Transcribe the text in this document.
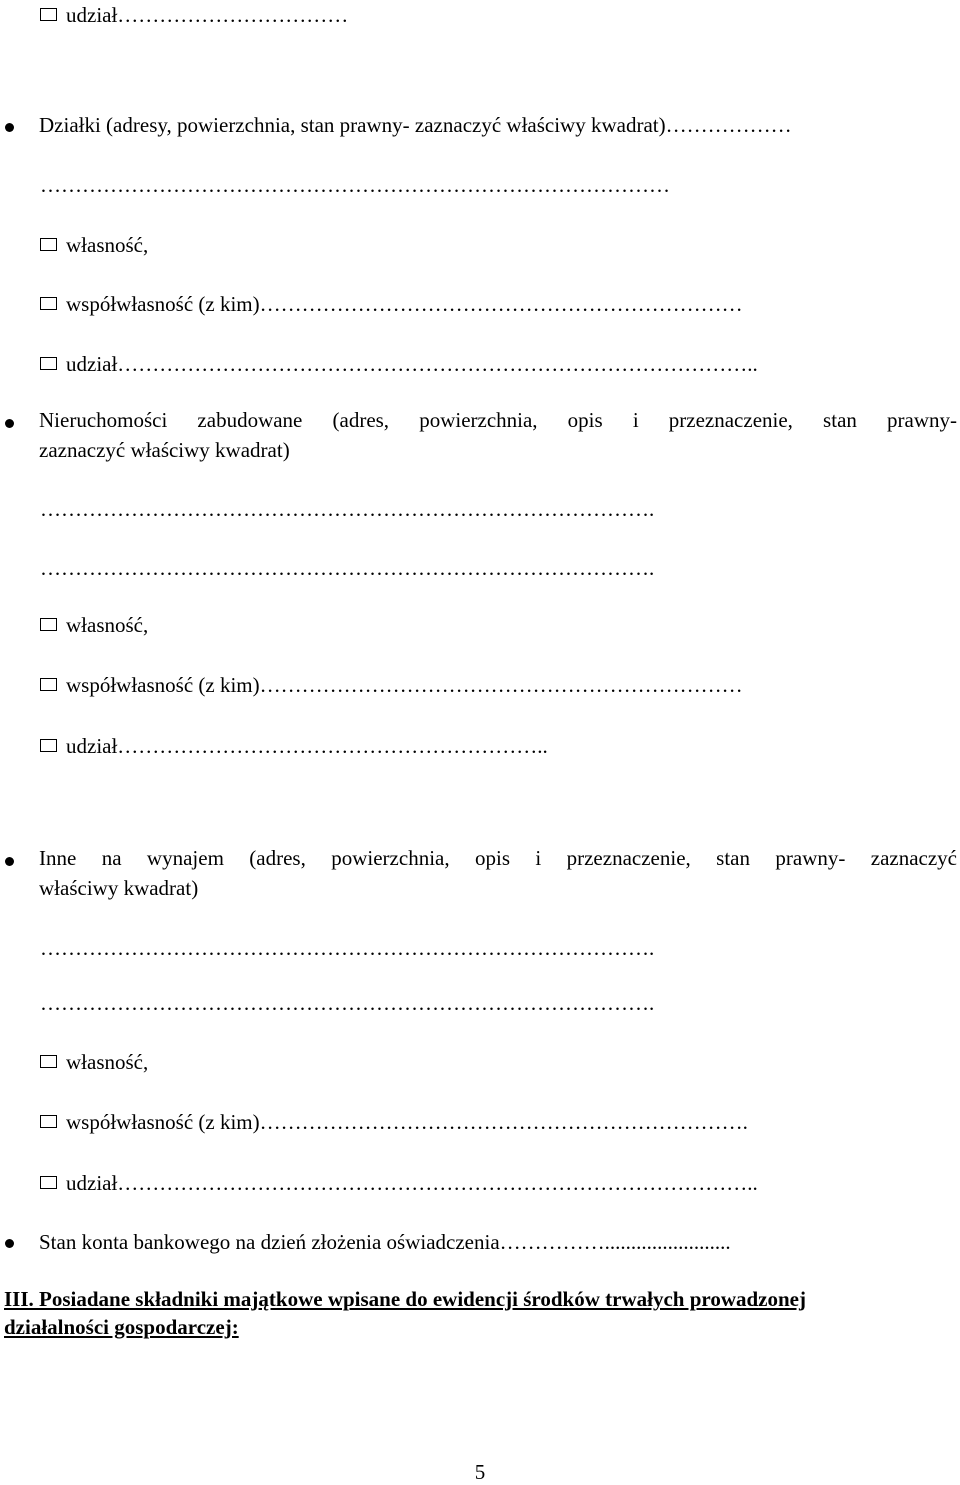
udział……………………………
Działki (adresy, powierzchnia, stan prawny- zaznaczyć właściwy kwadrat)………………
………………………………………………………………………………
własność,
współwłasność (z kim)……………………………………………………………
udział………………………………………………………………………………..
Nieruchomości zabudowane (adres, powierzchnia, opis i przeznaczenie, stan prawny-
zaznaczyć właściwy kwadrat)
…………………………………………………………………………….
…………………………………………………………………………….
własność,
współwłasność (z kim)……………………………………………………………
udział……………………………………………………..
Inne na wynajem (adres, powierzchnia, opis i przeznaczenie, stan prawny- zaznaczyć
właściwy kwadrat)
…………………………………………………………………………….
…………………………………………………………………………….
własność,
współwłasność (z kim)…………………………………………………………….
udział………………………………………………………………………………..
Stan konta bankowego na dzień złożenia oświadczenia……………........................
III. Posiadane składniki majątkowe wpisane do ewidencji środków trwałych prowadzonej
działalności gospodarczej:
5
